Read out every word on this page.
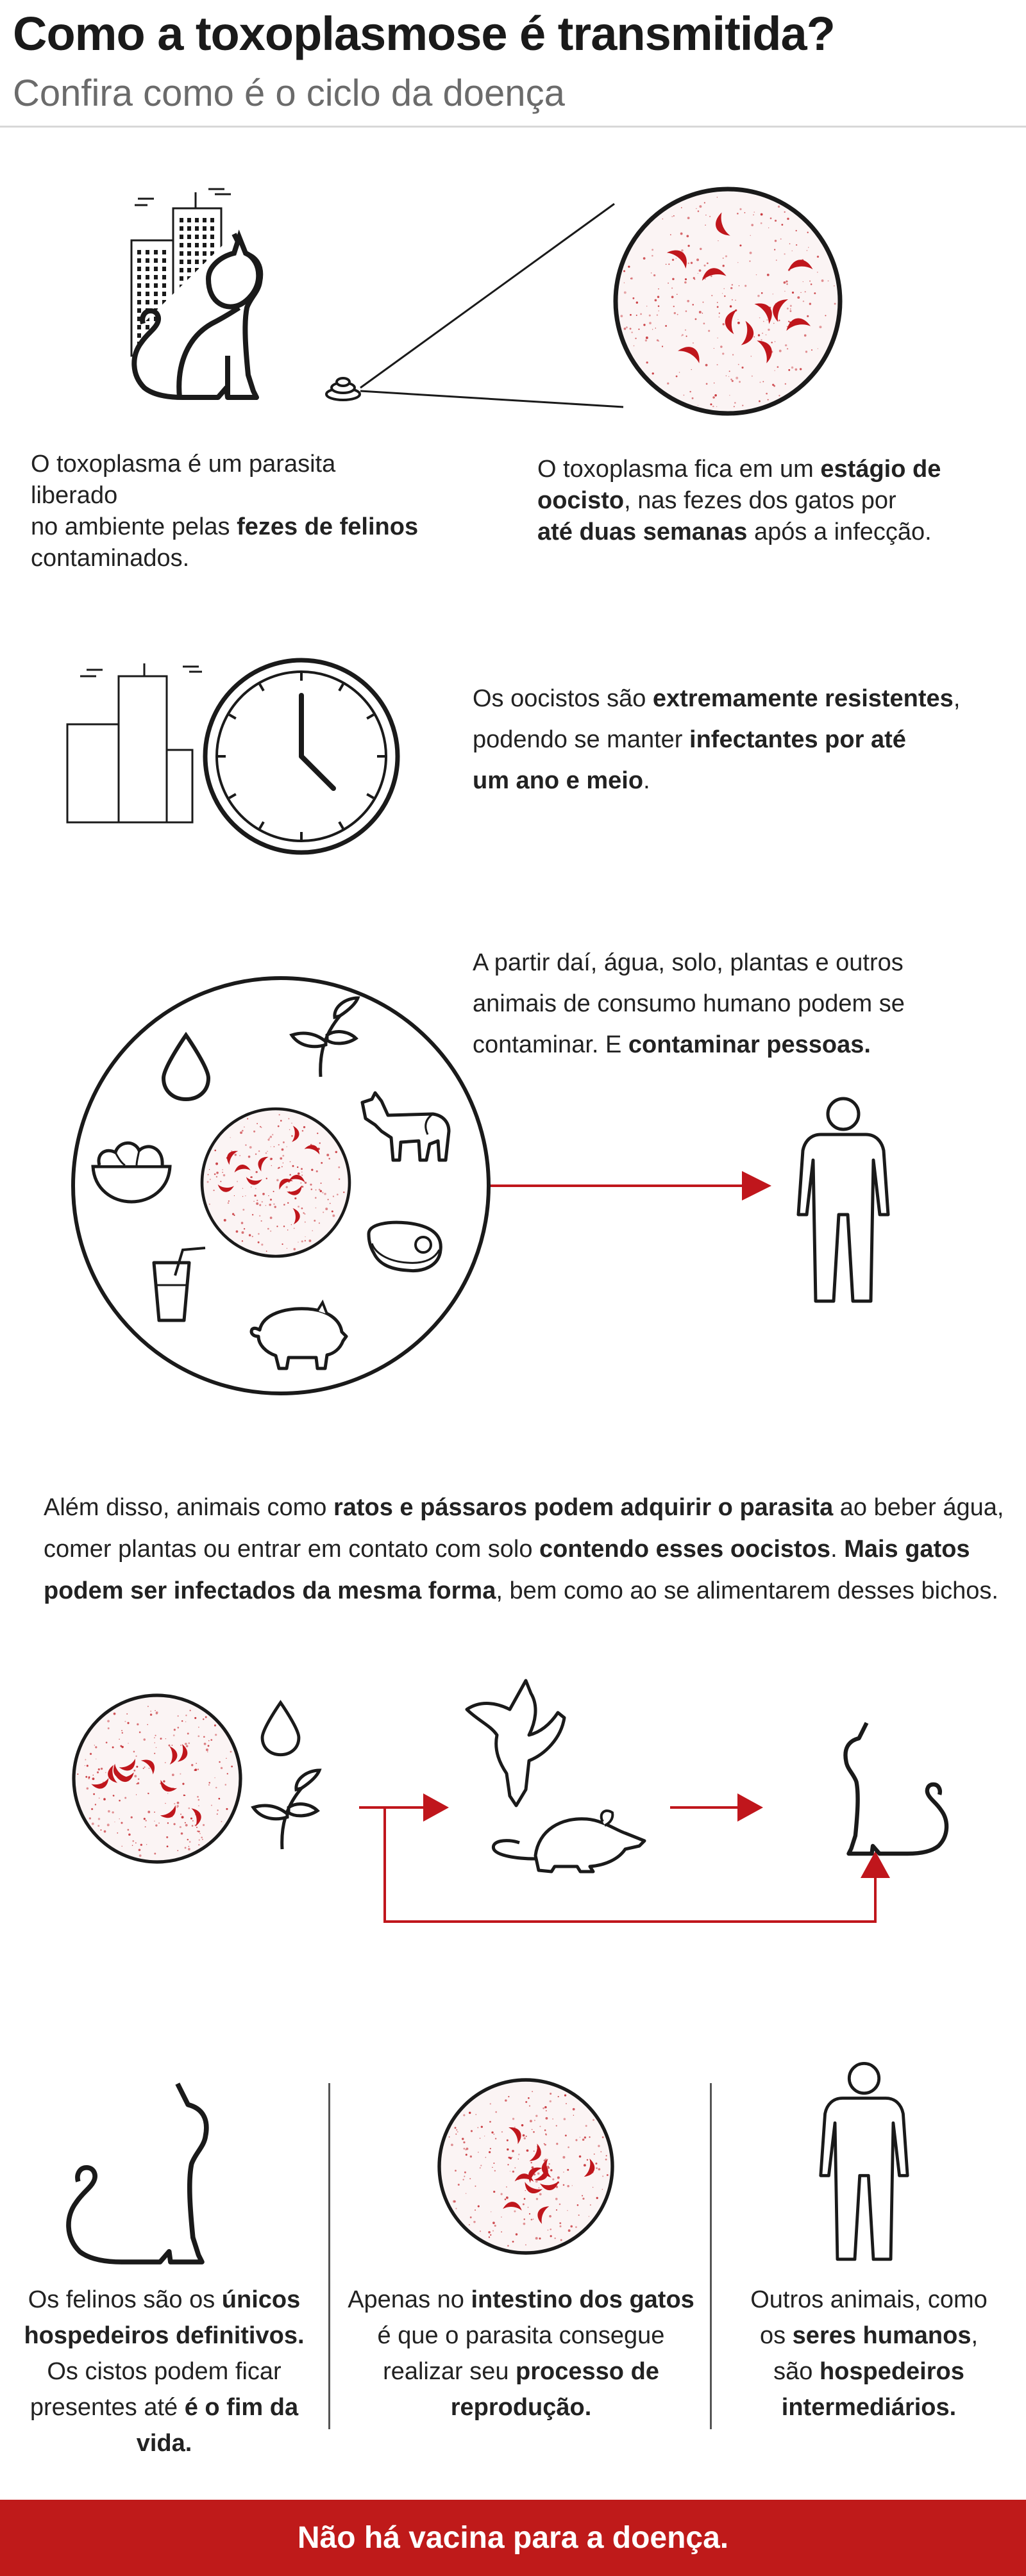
Como a toxoplasmose é transmitida?
Confira como é o ciclo da doença
O toxoplasma é um parasita liberado
no ambiente pelas fezes de felinos
contaminados.
O toxoplasma fica em um estágio de
oocisto, nas fezes dos gatos por
até duas semanas após a infecção.
Os oocistos são extremamente resistentes,
podendo se manter infectantes por até
um ano e meio.
A partir daí, água, solo, plantas e outros
animais de consumo humano podem se
contaminar. E contaminar pessoas.
Além disso, animais como ratos e pássaros podem adquirir o parasita ao beber água,
comer plantas ou entrar em contato com solo contendo esses oocistos. Mais gatos
podem ser infectados da mesma forma, bem como ao se alimentarem desses bichos.
Os felinos são os únicos
hospedeiros definitivos.
Os cistos podem ficar
presentes até é o fim da vida.
Apenas no intestino dos gatos
é que o parasita consegue
realizar seu processo de
reprodução.
Outros animais, como
os seres humanos,
são hospedeiros
intermediários.
Não há vacina para a doença.
